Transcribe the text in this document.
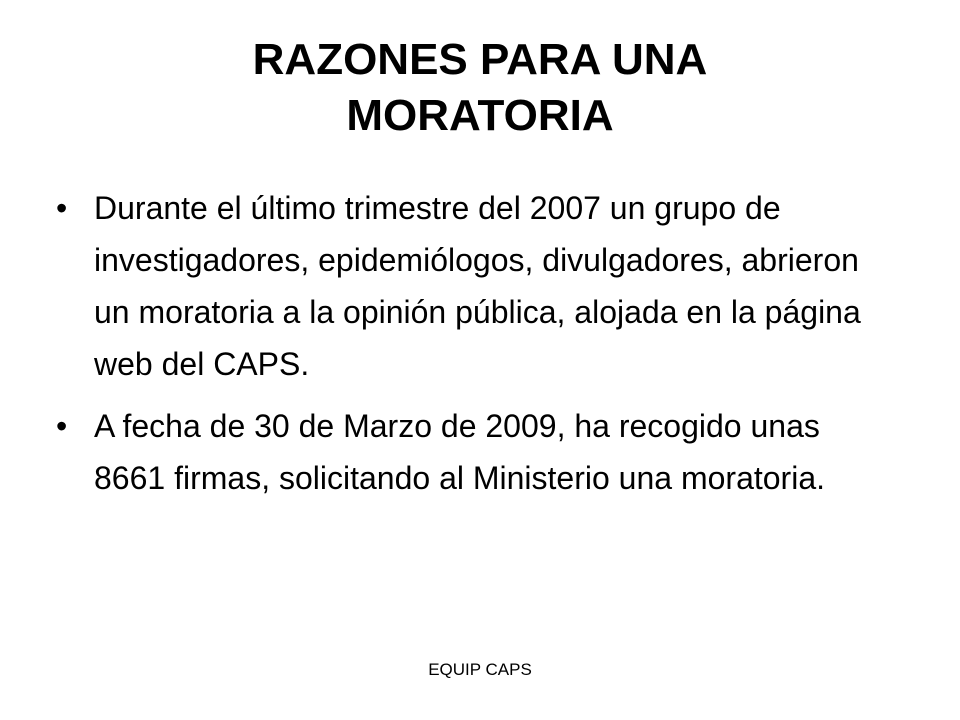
RAZONES PARA UNA
MORATORIA
• Durante el último trimestre del 2007 un grupo de investigadores, epidemiólogos, divulgadores, abrieron un moratoria a la opinión pública, alojada en la página web del CAPS.
• A fecha de 30 de Marzo de 2009, ha recogido unas 8661 firmas, solicitando al Ministerio una moratoria.
EQUIP CAPS
